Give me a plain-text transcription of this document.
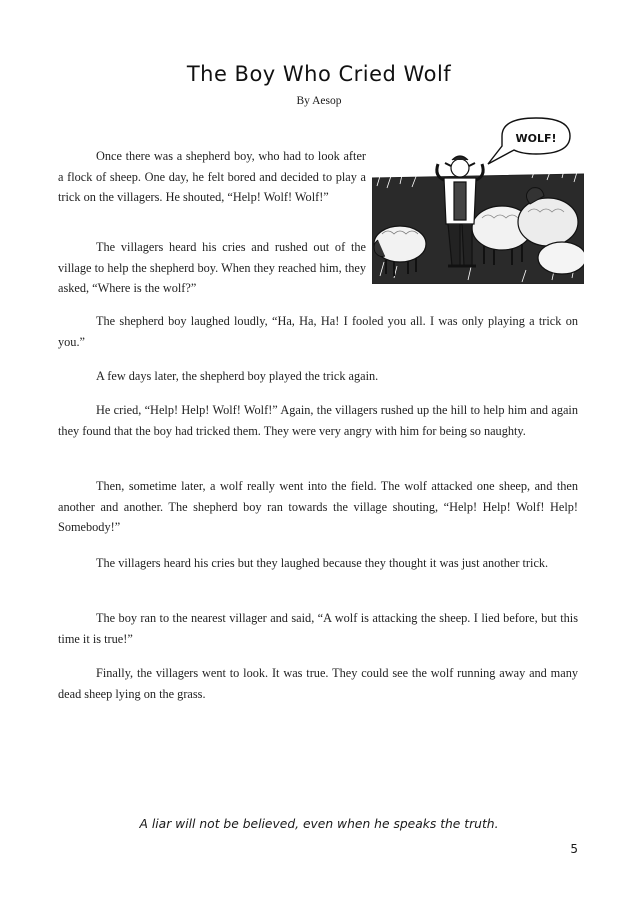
The Boy Who Cried Wolf
By Aesop

Once there was a shepherd boy, who had to look after a flock of sheep. One day, he felt bored and decided to play a trick on the villagers. He shouted, “Help! Wolf! Wolf!”

The villagers heard his cries and rushed out of the village to help the shepherd boy. When they reached him, they asked, “Where is the wolf?”

WOLF!

The shepherd boy laughed loudly, “Ha, Ha, Ha! I fooled you all. I was only playing a trick on you.”

A few days later, the shepherd boy played the trick again.

He cried, “Help! Help! Wolf! Wolf!” Again, the villagers rushed up the hill to help him and again they found that the boy had tricked them. They were very angry with him for being so naughty.

Then, sometime later, a wolf really went into the field. The wolf attacked one sheep, and then another and another. The shepherd boy ran towards the village shouting, “Help! Help! Wolf! Help! Somebody!”

The villagers heard his cries but they laughed because they thought it was just another trick.

The boy ran to the nearest villager and said, “A wolf is attacking the sheep. I lied before, but this time it is true!”

Finally, the villagers went to look. It was true. They could see the wolf running away and many dead sheep lying on the grass.

A liar will not be believed, even when he speaks the truth.
5
